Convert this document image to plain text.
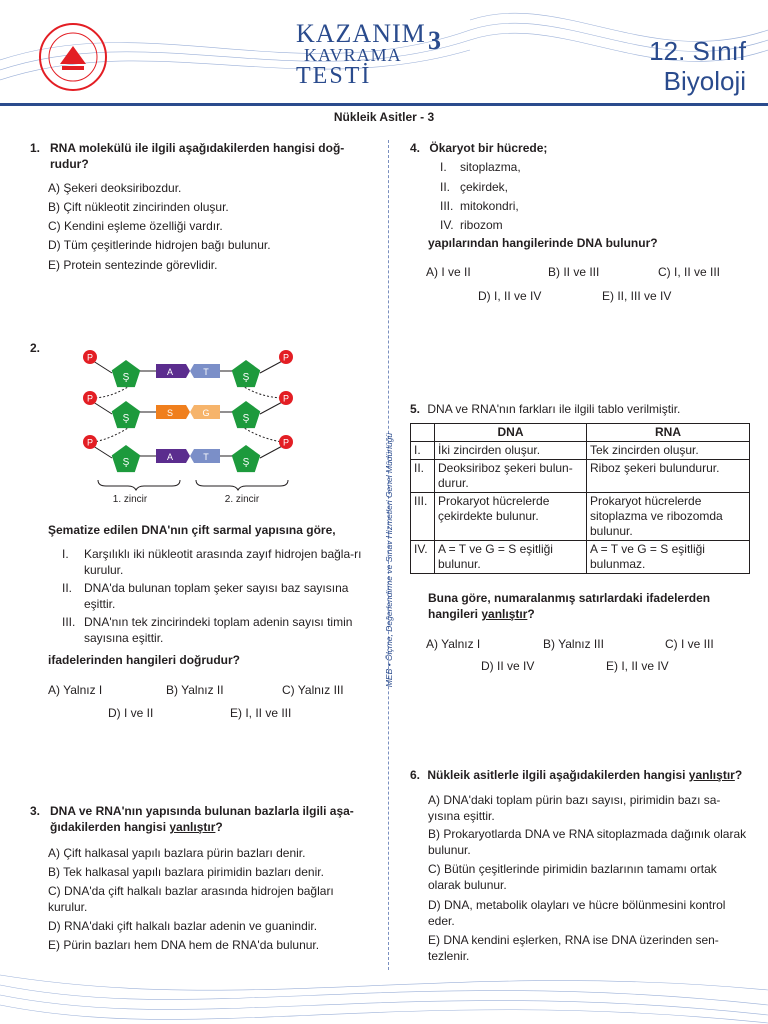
KAZANIM
KAVRAMA
TESTİ
3	12. Sınıf
Biyoloji
Nükleik Asitler - 3
MEB • Ölçme, Değerlendirme ve Sınav Hizmetleri Genel Müdürlüğü
1. RNA molekülü ile ilgili aşağıdakilerden hangisi doğ-rudur?
A) Şekeri deoksiribozdur.
B) Çift nükleotit zincirinden oluşur.
C) Kendini eşleme özelliği vardır.
D) Tüm çeşitlerinde hidrojen bağı bulunur.
E) Protein sentezinde görevlidir.
2.
P	P
Ş	Ş
A	T
P	P
Ş	Ş
S	G
P	P
Ş	Ş
A	T
1. zincir	2. zincir
Şematize edilen DNA'nın çift sarmal yapısına göre,
I. Karşılıklı iki nükleotit arasında zayıf hidrojen bağla-rı kurulur.
II. DNA'da bulunan toplam şeker sayısı baz sayısına eşittir.
III. DNA'nın tek zincirindeki toplam adenin sayısı timin sayısına eşittir.
ifadelerinden hangileri doğrudur?
A) Yalnız I	B) Yalnız II	C) Yalnız III
D) I ve II	E) I, II ve III
3. DNA ve RNA'nın yapısında bulunan bazlarla ilgili aşa-ğıdakilerden hangisi yanlıştır?
A) Çift halkasal yapılı bazlara pürin bazları denir.
B) Tek halkasal yapılı bazlara pirimidin bazları denir.
C) DNA'da çift halkalı bazlar arasında hidrojen bağları kurulur.
D) RNA'daki çift halkalı bazlar adenin ve guanindir.
E) Pürin bazları hem DNA hem de RNA'da bulunur.
4. Ökaryot bir hücrede;
I. sitoplazma,
II. çekirdek,
III. mitokondri,
IV. ribozom
yapılarından hangilerinde DNA bulunur?
A) I ve II	B) II ve III	C) I, II ve III
D) I, II ve IV	E) II, III ve IV
5. DNA ve RNA'nın farkları ile ilgili tablo verilmiştir.
	DNA	RNA
I.	İki zincirden oluşur.	Tek zincirden oluşur.
II.	Deoksiriboz şekeri bulun-durur.	Riboz şekeri bulundurur.
III.	Prokaryot hücrelerde çekirdekte bulunur.	Prokaryot hücrelerde sitoplazma ve ribozomda bulunur.
IV.	A = T ve G = S eşitliği bulunur.	A = T ve G = S eşitliği bulunmaz.
Buna göre, numaralanmış satırlardaki ifadelerden hangileri yanlıştır?
A) Yalnız I	B) Yalnız III	C) I ve III
D) II ve IV	E) I, II ve IV
6. Nükleik asitlerle ilgili aşağıdakilerden hangisi yanlıştır?
A) DNA'daki toplam pürin bazı sayısı, pirimidin bazı sa-yısına eşittir.
B) Prokaryotlarda DNA ve RNA sitoplazmada dağınık olarak bulunur.
C) Bütün çeşitlerinde pirimidin bazlarının tamamı ortak olarak bulunur.
D) DNA, metabolik olayları ve hücre bölünmesini kontrol eder.
E) DNA kendini eşlerken, RNA ise DNA üzerinden sen-tezlenir.
